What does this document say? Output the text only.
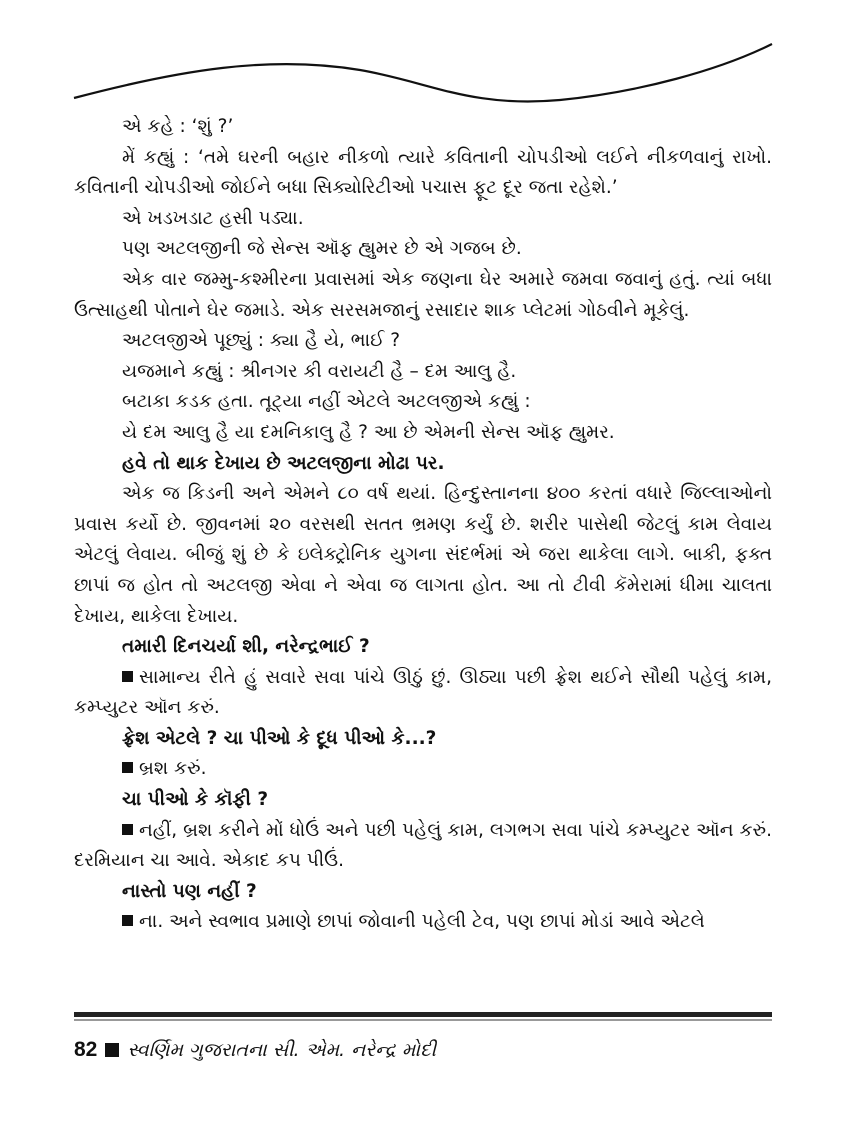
એ કહે : ‘શું ?’

મેં કહ્યું : ‘તમે ઘરની બહાર નીકળો ત્યારે કવિતાની ચોપડીઓ લઈને નીકળવાનું રાખો. કવિતાની ચોપડીઓ જોઈને બધા સિક્યોરિટીઓ પચાસ ફૂટ દૂર જતા રહેશે.’

એ ખડખડાટ હસી પડ્યા.

પણ અટલજીની જે સેન્સ ઑફ હ્યુમર છે એ ગજબ છે.

એક વાર જમ્મુ-કશ્મીરના પ્રવાસમાં એક જણના ઘેર અમારે જમવા જવાનું હતું. ત્યાં બધા ઉત્સાહથી પોતાને ઘેર જમાડે. એક સરસમજાનું રસાદાર શાક પ્લેટમાં ગોઠવીને મૂકેલું.

અટલજીએ પૂછ્યું : ક્યા હૈ યે, ભાઈ ?

યજમાને કહ્યું : શ્રીનગર કી વરાયટી હૈ – દમ આલુ હૈ.

બટાકા કડક હતા. તૂટ્યા નહીં એટલે અટલજીએ કહ્યું :

યે દમ આલુ હૈ યા દમનિકાલુ હૈ ? આ છે એમની સેન્સ ઑફ હ્યુમર.

હવે તો થાક દેખાય છે અટલજીના મોઢા પર.

એક જ કિડની અને એમને ૮૦ વર્ષ થયાં. હિન્દુસ્તાનના ૪૦૦ કરતાં વધારે જિલ્લાઓનો પ્રવાસ કર્યો છે. જીવનમાં ૨૦ વરસથી સતત ભ્રમણ કર્યું છે. શરીર પાસેથી જેટલું કામ લેવાય એટલું લેવાય. બીજું શું છે કે ઇલેક્ટ્રોનિક યુગના સંદર્ભમાં એ જરા થાકેલા લાગે. બાકી, ફક્ત છાપાં જ હોત તો અટલજી એવા ને એવા જ લાગતા હોત. આ તો ટીવી કૅમેરામાં ધીમા ચાલતા દેખાય, થાકેલા દેખાય.

તમારી દિનચર્યા શી, નરેન્દ્રભાઈ ?

સામાન્ય રીતે હું સવારે સવા પાંચે ઊઠું છું. ઊઠ્યા પછી ફ્રેશ થઈને સૌથી પહેલું કામ, કમ્પ્યુટર ઑન કરું.

ફ્રેશ એટલે ? ચા પીઓ કે દૂધ પીઓ કે...?

બ્રશ કરું.

ચા પીઓ કે કૉફી ?

નહીં, બ્રશ કરીને મોં ધોઉં અને પછી પહેલું કામ, લગભગ સવા પાંચે કમ્પ્યુટર ઑન કરું. દરમિયાન ચા આવે. એકાદ કપ પીઉં.

નાસ્તો પણ નહીં ?

ના. અને સ્વભાવ પ્રમાણે છાપાં જોવાની પહેલી ટેવ, પણ છાપાં મોડાં આવે એટલે

82 સ્વર્ણિમ ગુજરાતના સી. એમ. નરેન્દ્ર મોદી
